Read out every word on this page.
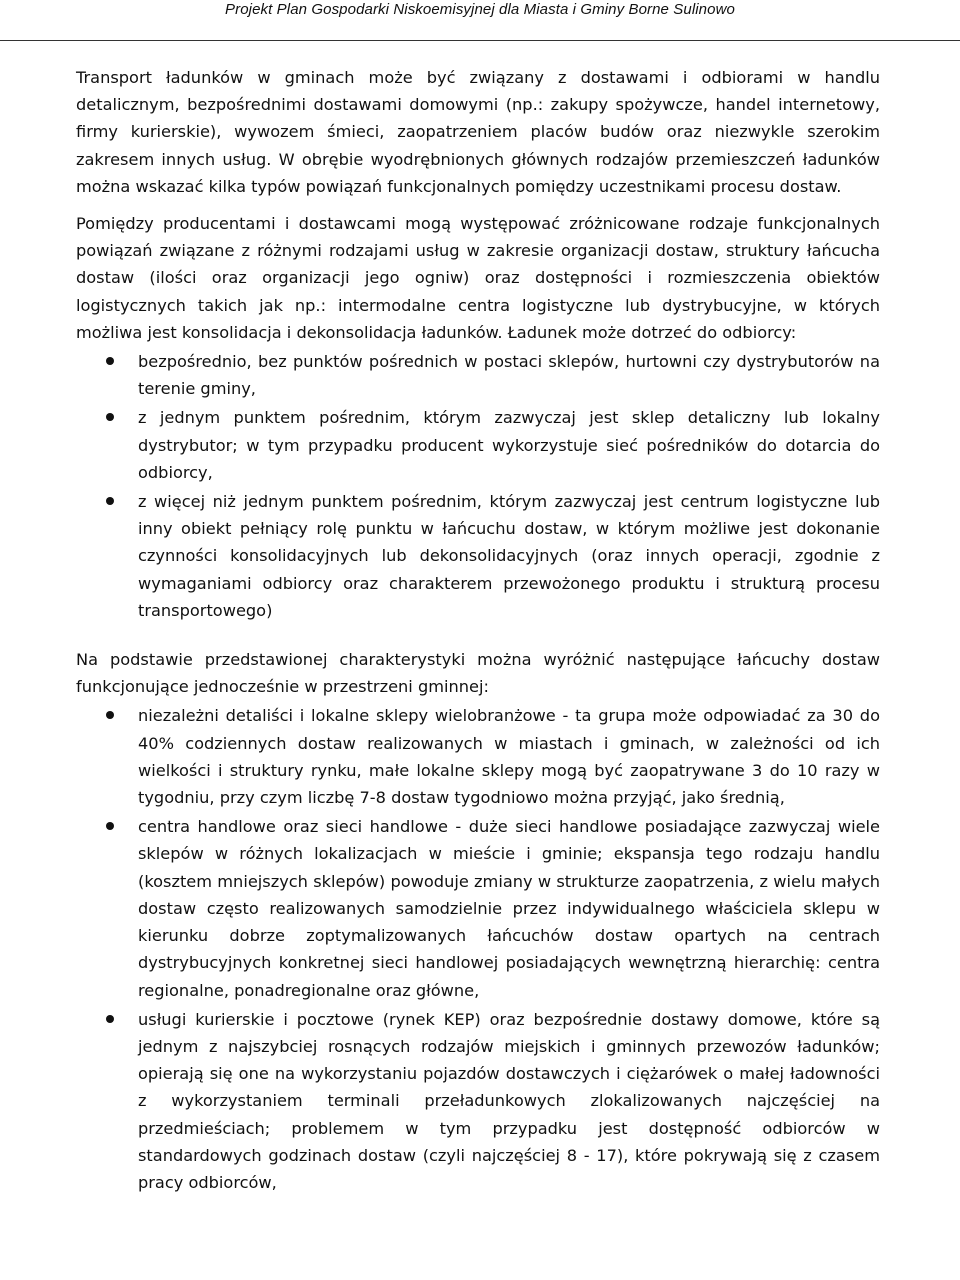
Projekt Plan Gospodarki Niskoemisyjnej dla Miasta i Gminy Borne Sulinowo

Transport ładunków w gminach może być związany z dostawami i odbiorami w handlu detalicznym, bezpośrednimi dostawami domowymi (np.: zakupy spożywcze, handel internetowy, firmy kurierskie), wywozem śmieci, zaopatrzeniem placów budów oraz niezwykle szerokim zakresem innych usług. W obrębie wyodrębnionych głównych rodzajów przemieszczeń ładunków można wskazać kilka typów powiązań funkcjonalnych pomiędzy uczestnikami procesu dostaw.

Pomiędzy producentami i dostawcami mogą występować zróżnicowane rodzaje funkcjonalnych powiązań związane z różnymi rodzajami usług w zakresie organizacji dostaw, struktury łańcucha dostaw (ilości oraz organizacji jego ogniw) oraz dostępności i rozmieszczenia obiektów logistycznych takich jak np.: intermodalne centra logistyczne lub dystrybucyjne, w których możliwa jest konsolidacja i dekonsolidacja ładunków. Ładunek może dotrzeć do odbiorcy:

bezpośrednio, bez punktów pośrednich w postaci sklepów, hurtowni czy dystrybutorów na terenie gminy,
z jednym punktem pośrednim, którym zazwyczaj jest sklep detaliczny lub lokalny dystrybutor; w tym przypadku producent wykorzystuje sieć pośredników do dotarcia do odbiorcy,
z więcej niż jednym punktem pośrednim, którym zazwyczaj jest centrum logistyczne lub inny obiekt pełniący rolę punktu w łańcuchu dostaw, w którym możliwe jest dokonanie czynności konsolidacyjnych lub dekonsolidacyjnych (oraz innych operacji, zgodnie z wymaganiami odbiorcy oraz charakterem przewożonego produktu i strukturą procesu transportowego)

Na podstawie przedstawionej charakterystyki można wyróżnić następujące łańcuchy dostaw funkcjonujące jednocześnie w przestrzeni gminnej:

niezależni detaliści i lokalne sklepy wielobranżowe - ta grupa może odpowiadać za 30 do 40% codziennych dostaw realizowanych w miastach i gminach, w zależności od ich wielkości i struktury rynku, małe lokalne sklepy mogą być zaopatrywane 3 do 10 razy w tygodniu, przy czym liczbę 7-8 dostaw tygodniowo można przyjąć, jako średnią,
centra handlowe oraz sieci handlowe - duże sieci handlowe posiadające zazwyczaj wiele sklepów w różnych lokalizacjach w mieście i gminie; ekspansja tego rodzaju handlu (kosztem mniejszych sklepów) powoduje zmiany w strukturze zaopatrzenia, z wielu małych dostaw często realizowanych samodzielnie przez indywidualnego właściciela sklepu w kierunku dobrze zoptymalizowanych łańcuchów dostaw opartych na centrach dystrybucyjnych konkretnej sieci handlowej posiadających wewnętrzną hierarchię: centra regionalne, ponadregionalne oraz główne,
usługi kurierskie i pocztowe (rynek KEP) oraz bezpośrednie dostawy domowe, które są jednym z najszybciej rosnących rodzajów miejskich i gminnych przewozów ładunków; opierają się one na wykorzystaniu pojazdów dostawczych i ciężarówek o małej ładowności z wykorzystaniem terminali przeładunkowych zlokalizowanych najczęściej na przedmieściach; problemem w tym przypadku jest dostępność odbiorców w standardowych godzinach dostaw (czyli najczęściej 8 - 17), które pokrywają się z czasem pracy odbiorców,
